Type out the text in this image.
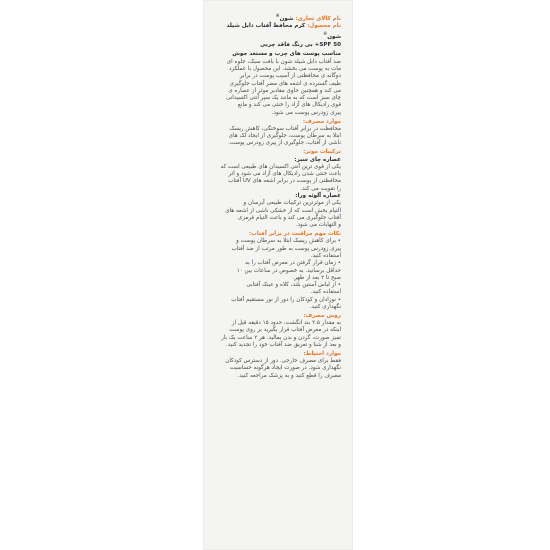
نام کالای تجاری: شون®

نام محصول: کرم محافظ آفتاب دابل شیلد شون®

SPF 50+ بی رنگ فاقد چربی

مناسب پوست های چرب و مستعد جوش

ضد آفتاب دابل شیلد شون با بافت سبک، جلوه ای

مات به پوست می بخشد. این محصول با عملکرد

دوگانه ی محافظتی از آسیب پوست در برابر

طیف گسترده ی اشعه های مضر آفتاب جلوگیری

می کند و همچنین حاوی مقادیر موثر از عصاره ی

چای سبز است که به مانند یک سپر آنتی اکسیدانی

قوی رادیکال های آزاد را خنثی می کند و مانع

پیری زودرس پوست می شود.

موارد مصرف:

محافظت در برابر آفتاب سوختگی، کاهش ریسک

ابتلا به سرطان پوست، جلوگیری از ایجاد لک های

ناشی از آفتاب، جلوگیری از پیری زودرس پوست.

ترکیبات موثر:

عصاره چای سبز:

یکی از قوی ترین آنتی اکسیدان های طبیعی است که

باعث خنثی شدن رادیکال های آزاد می شود و اثر

محافظتی از پوست در برابر اشعه های UV آفتاب

را تقویت می کند.

عصاره آلوئه ورا:

یکی از موثرترین ترکیبات طبیعی آبرسان و

التیام بخش است که از خشکی ناشی از اشعه های

آفتاب جلوگیری می کند و باعث التیام قرمزی

و التهابات می شود.

نکات مهم مراقبت در برابر آفتاب:

• برای کاهش ریسک ابتلا به سرطان پوست و

پیری زودرس پوست به طور مرتب از ضد آفتاب

استفاده کنید.

• زمان قرار گرفتن در معرض آفتاب را به

حداقل برسانید. به خصوص در ساعات بین ۱۰

صبح تا ۲ بعد از ظهر.

• از لباس آستین بلند، کلاه و عینک آفتابی

استفاده کنید.

• نوزادان و کودکان را دور از نور مستقیم آفتاب

نگهداری کنید.

روش مصرف:

به مقدار ۲.۵ بند انگشت، حدود ۱۵ دقیقه قبل از

اینکه در معرض آفتاب قرار بگیرید بر روی پوست

تمیز صورت، گردن و بدن بمالید. هر ۲ ساعت یک بار

و بعد از شنا و تعریق ضد آفتاب خود را تجدید کنید.

موارد احتیاط:

فقط برای مصرف خارجی. دور از دسترس کودکان

نگهداری شود. در صورت ایجاد هرگونه حساسیت

مصرف را قطع کنید و به پزشک مراجعه کنید.
